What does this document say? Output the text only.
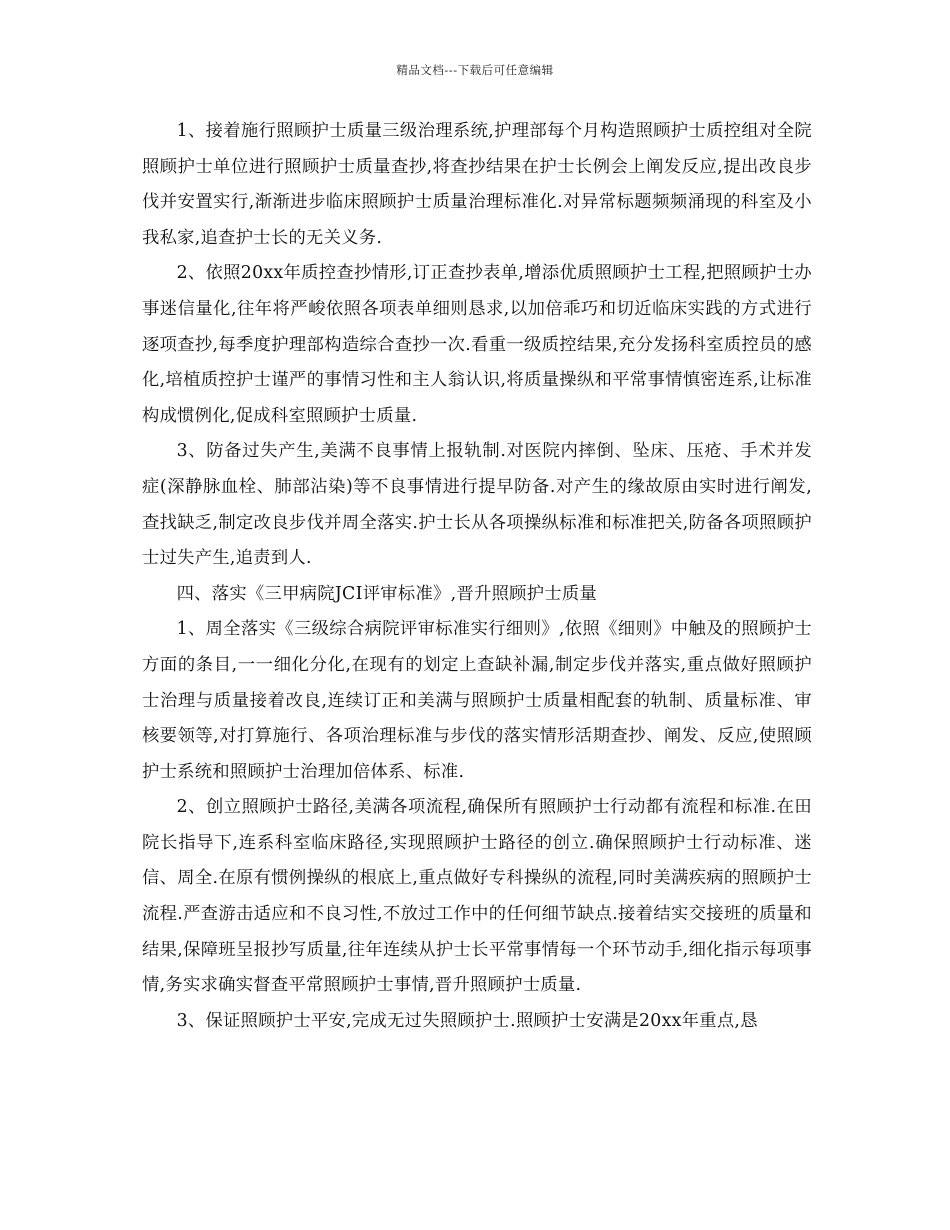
精品文档---下载后可任意编辑

1、接着施行照顾护士质量三级治理系统,护理部每个月构造照顾护士质控组对全院照顾护士单位进行照顾护士质量查抄,将查抄结果在护士长例会上阐发反应,提出改良步伐并安置实行,渐渐进步临床照顾护士质量治理标准化.对异常标题频频涌现的科室及小我私家,追查护士长的无关义务.

2、依照20xx年质控查抄情形,订正查抄表单,增添优质照顾护士工程,把照顾护士办事迷信量化,往年将严峻依照各项表单细则恳求,以加倍乖巧和切近临床实践的方式进行逐项查抄,每季度护理部构造综合查抄一次.看重一级质控结果,充分发扬科室质控员的感化,培植质控护士谨严的事情习性和主人翁认识,将质量操纵和平常事情慎密连系,让标准构成惯例化,促成科室照顾护士质量.

3、防备过失产生,美满不良事情上报轨制.对医院内摔倒、坠床、压疮、手术并发症(深静脉血栓、肺部沾染)等不良事情进行提早防备.对产生的缘故原由实时进行阐发,查找缺乏,制定改良步伐并周全落实.护士长从各项操纵标准和标准把关,防备各项照顾护士过失产生,追责到人.

四、落实《三甲病院JCI评审标准》,晋升照顾护士质量

1、周全落实《三级综合病院评审标准实行细则》,依照《细则》中触及的照顾护士方面的条目,一一细化分化,在现有的划定上查缺补漏,制定步伐并落实,重点做好照顾护士治理与质量接着改良,连续订正和美满与照顾护士质量相配套的轨制、质量标准、审核要领等,对打算施行、各项治理标准与步伐的落实情形活期查抄、阐发、反应,使照顾护士系统和照顾护士治理加倍体系、标准.

2、创立照顾护士路径,美满各项流程,确保所有照顾护士行动都有流程和标准.在田院长指导下,连系科室临床路径,实现照顾护士路径的创立.确保照顾护士行动标准、迷信、周全.在原有惯例操纵的根底上,重点做好专科操纵的流程,同时美满疾病的照顾护士流程.严查游击适应和不良习性,不放过工作中的任何细节缺点.接着结实交接班的质量和结果,保障班呈报抄写质量,往年连续从护士长平常事情每一个环节动手,细化指示每项事情,务实求确实督查平常照顾护士事情,晋升照顾护士质量.

3、保证照顾护士平安,完成无过失照顾护士.照顾护士安满是20xx年重点,恳
